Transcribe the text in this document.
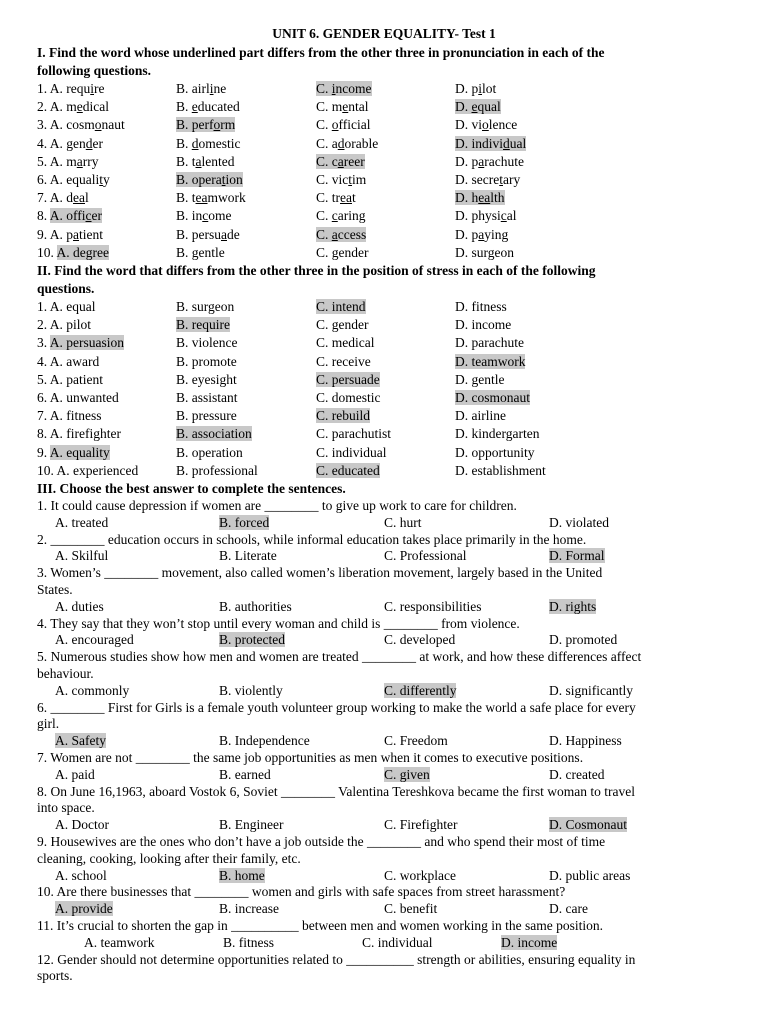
UNIT 6. GENDER EQUALITY- Test 1
I. Find the word whose underlined part differs from the other three in pronunciation in each of the
following questions.
1. A. require	B. airline	C. income	D. pilot
2. A. medical	B. educated	C. mental	D. equal
3. A. cosmonaut	B. perform	C. official	D. violence
4. A. gender	B. domestic	C. adorable	D. individual
5. A. marry	B. talented	C. career	D. parachute
6. A. equality	B. operation	C. victim	D. secretary
7. A. deal	B. teamwork	C. treat	D. health
8. A. officer	B. income	C. caring	D. physical
9. A. patient	B. persuade	C. access	D. paying
10. A. degree	B. gentle	C. gender	D. surgeon
II. Find the word that differs from the other three in the position of stress in each of the following
questions.
1. A. equal	B. surgeon	C. intend	D. fitness
2. A. pilot	B. require	C. gender	D. income
3. A. persuasion	B. violence	C. medical	D. parachute
4. A. award	B. promote	C. receive	D. teamwork
5. A. patient	B. eyesight	C. persuade	D. gentle
6. A. unwanted	B. assistant	C. domestic	D. cosmonaut
7. A. fitness	B. pressure	C. rebuild	D. airline
8. A. firefighter	B. association	C. parachutist	D. kindergarten
9. A. equality	B. operation	C. individual	D. opportunity
10. A. experienced	B. professional	C. educated	D. establishment
III. Choose the best answer to complete the sentences.
1. It could cause depression if women are ________ to give up work to care for children.
A. treated	B. forced	C. hurt	D. violated
2. ________ education occurs in schools, while informal education takes place primarily in the home.
A. Skilful	B. Literate	C. Professional	D. Formal
3. Women’s ________ movement, also called women’s liberation movement, largely based in the United
States.
A. duties	B. authorities	C. responsibilities	D. rights
4. They say that they won’t stop until every woman and child is ________ from violence.
A. encouraged	B. protected	C. developed	D. promoted
5. Numerous studies show how men and women are treated ________ at work, and how these differences affect
behaviour.
A. commonly	B. violently	C. differently	D. significantly
6. ________ First for Girls is a female youth volunteer group working to make the world a safe place for every
girl.
A. Safety	B. Independence	C. Freedom	D. Happiness
7. Women are not ________ the same job opportunities as men when it comes to executive positions.
A. paid	B. earned	C. given	D. created
8. On June 16,1963, aboard Vostok 6, Soviet ________ Valentina Tereshkova became the first woman to travel
into space.
A. Doctor	B. Engineer	C. Firefighter	D. Cosmonaut
9. Housewives are the ones who don’t have a job outside the ________ and who spend their most of time
cleaning, cooking, looking after their family, etc.
A. school	B. home	C. workplace	D. public areas
10. Are there businesses that ________ women and girls with safe spaces from street harassment?
A. provide	B. increase	C. benefit	D. care
11. It’s crucial to shorten the gap in __________ between men and women working in the same position.
A. teamwork	B. fitness	C. individual	D. income
12. Gender should not determine opportunities related to __________ strength or abilities, ensuring equality in
sports.
